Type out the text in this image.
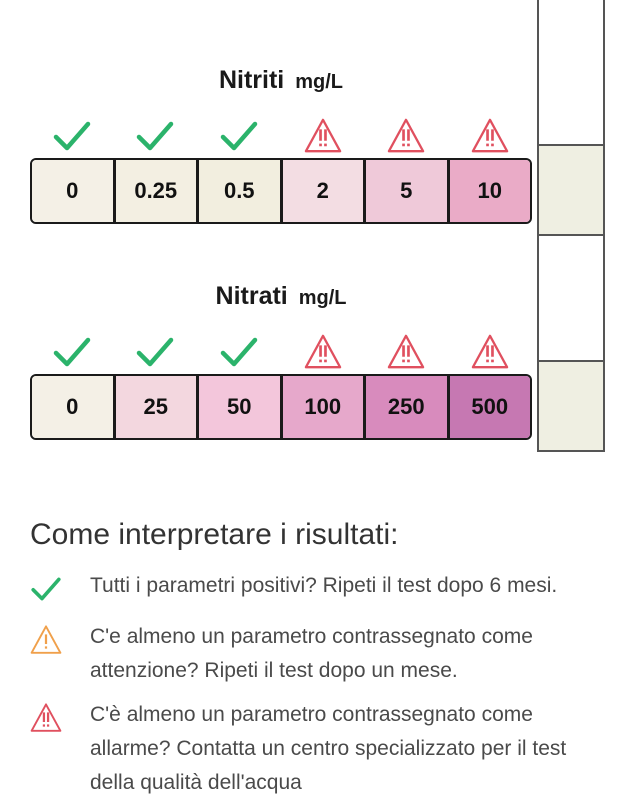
Nitriti mg/L
0	0.25	0.5	2	5	10
Nitrati mg/L
0	25	50	100	250	500
Come interpretare i risultati:
Tutti i parametri positivi? Ripeti il test dopo 6 mesi.
C'e almeno un parametro contrassegnato come attenzione? Ripeti il test dopo un mese.
C'è almeno un parametro contrassegnato come allarme? Contatta un centro specializzato per il test della qualità dell'acqua
